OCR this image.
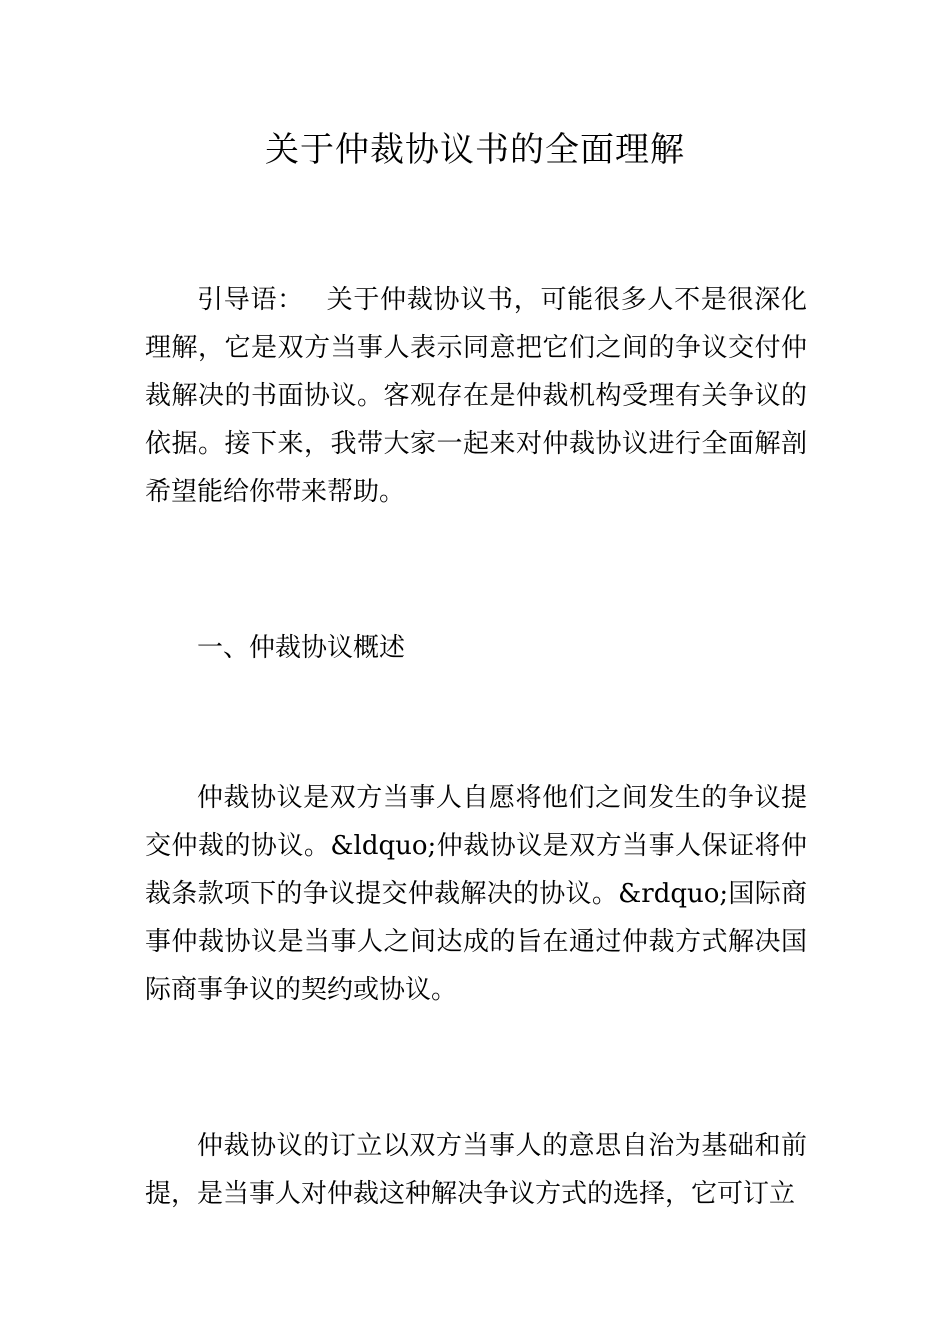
关于仲裁协议书的全面理解

引导语：　 关于仲裁协议书，可能很多人不是很深化理解，它是双方当事人表示同意把它们之间的争议交付仲裁解决的书面协议。客观存在是仲裁机构受理有关争议的依据。接下来，我带大家一起来对仲裁协议进行全面解剖希望能给你带来帮助。

一、仲裁协议概述

仲裁协议是双方当事人自愿将他们之间发生的争议提交仲裁的协议。&ldquo;仲裁协议是双方当事人保证将仲裁条款项下的争议提交仲裁解决的协议。&rdquo;国际商事仲裁协议是当事人之间达成的旨在通过仲裁方式解决国际商事争议的契约或协议。

仲裁协议的订立以双方当事人的意思自治为基础和前提，是当事人对仲裁这种解决争议方式的选择，它可订立
